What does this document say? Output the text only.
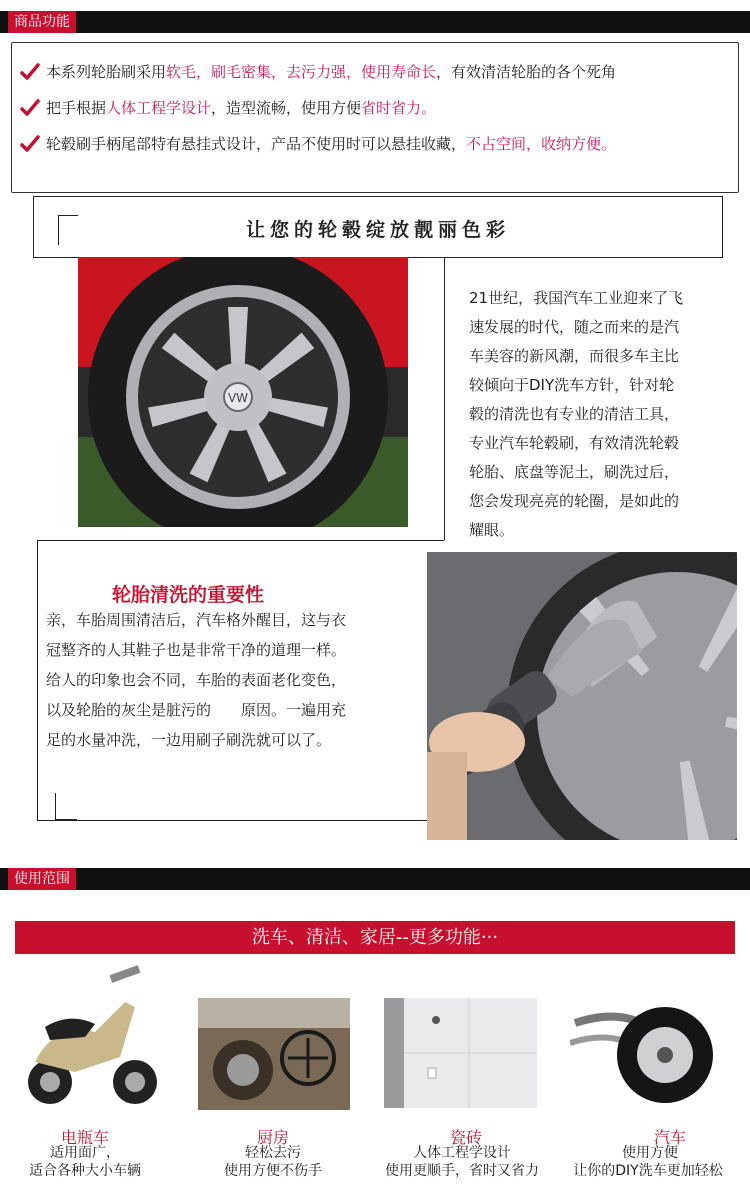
商品功能
本系列轮胎刷采用 软毛，刷毛密集，去污力强，使用寿命长 ，有效清洁轮胎的各个死角
把手根据 人体工程学设计 ，造型流畅，使用方便 省时省力。
轮毂刷手柄尾部特有悬挂式设计，产品不使用时可以悬挂收藏， 不占空间，收纳方便。
让您的轮毂绽放靓丽色彩
VW
21世纪，我国汽车工业迎来了飞
速发展的时代，随之而来的是汽
车美容的新风潮，而很多车主比
较倾向于DIY洗车方针，针对轮
毂的清洗也有专业的清洁工具，
专业汽车轮毂刷，有效清洗轮毂
轮胎、底盘等泥土，刷洗过后，
您会发现亮亮的轮圈，是如此的
耀眼。
轮胎清洗的重要性
亲，车胎周围清洁后，汽车格外醒目，这与衣
冠整齐的人其鞋子也是非常干净的道理一样。
给人的印象也会不同，车胎的表面老化变色，
以及轮胎的灰尘是脏污的　　原因。一遍用充
足的水量冲洗，一边用刷子刷洗就可以了。
使用范围
洗车、清洁、家居--更多功能···
电瓶车
适用面广，
适合各种大小车辆
厨房
轻松去污
使用方便不伤手
瓷砖
人体工程学设计
使用更顺手，省时又省力
汽车
使用方便
让你的DIY洗车更加轻松
